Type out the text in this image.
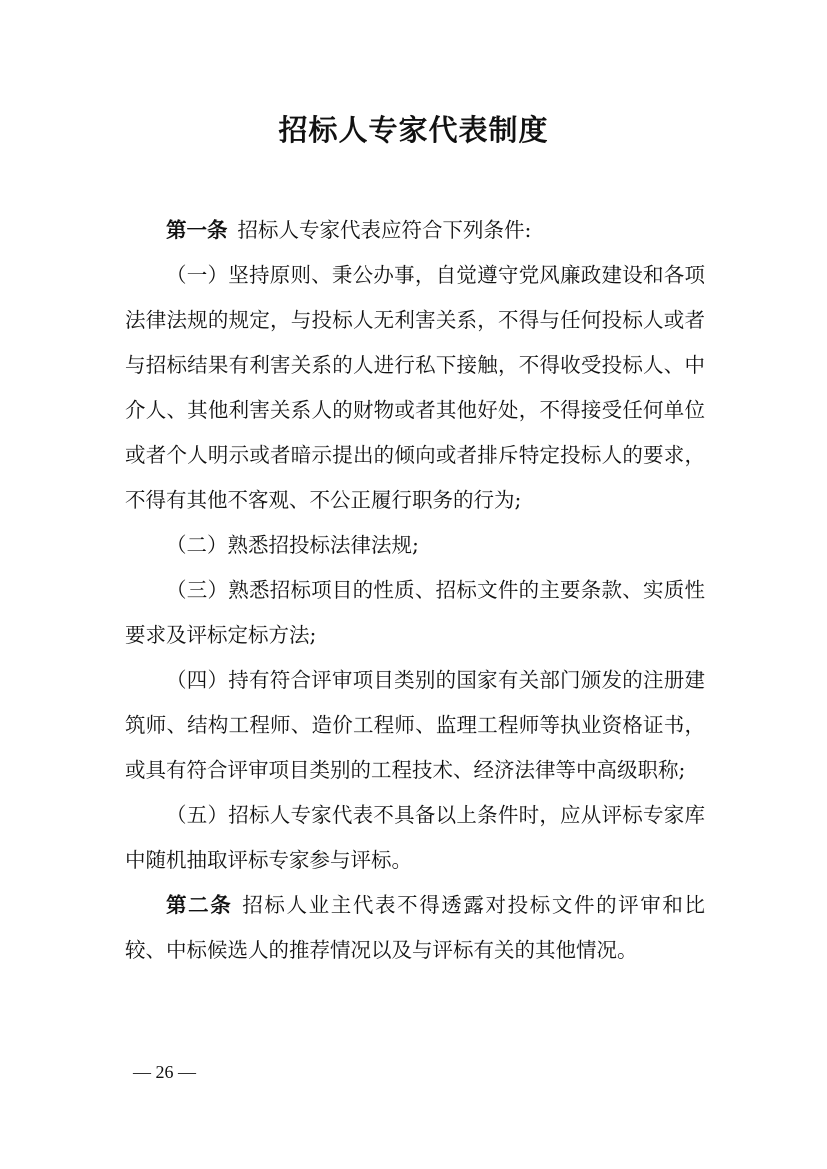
招标人专家代表制度

第一条 招标人专家代表应符合下列条件:

（一）坚持原则、秉公办事，自觉遵守党风廉政建设和各项法律法规的规定，与投标人无利害关系，不得与任何投标人或者与招标结果有利害关系的人进行私下接触，不得收受投标人、中介人、其他利害关系人的财物或者其他好处，不得接受任何单位或者个人明示或者暗示提出的倾向或者排斥特定投标人的要求，不得有其他不客观、不公正履行职务的行为;

（二）熟悉招投标法律法规;

（三）熟悉招标项目的性质、招标文件的主要条款、实质性要求及评标定标方法;

（四）持有符合评审项目类别的国家有关部门颁发的注册建筑师、结构工程师、造价工程师、监理工程师等执业资格证书，或具有符合评审项目类别的工程技术、经济法律等中高级职称;

（五）招标人专家代表不具备以上条件时，应从评标专家库中随机抽取评标专家参与评标。

第二条 招标人业主代表不得透露对投标文件的评审和比较、中标候选人的推荐情况以及与评标有关的其他情况。

— 26 —
